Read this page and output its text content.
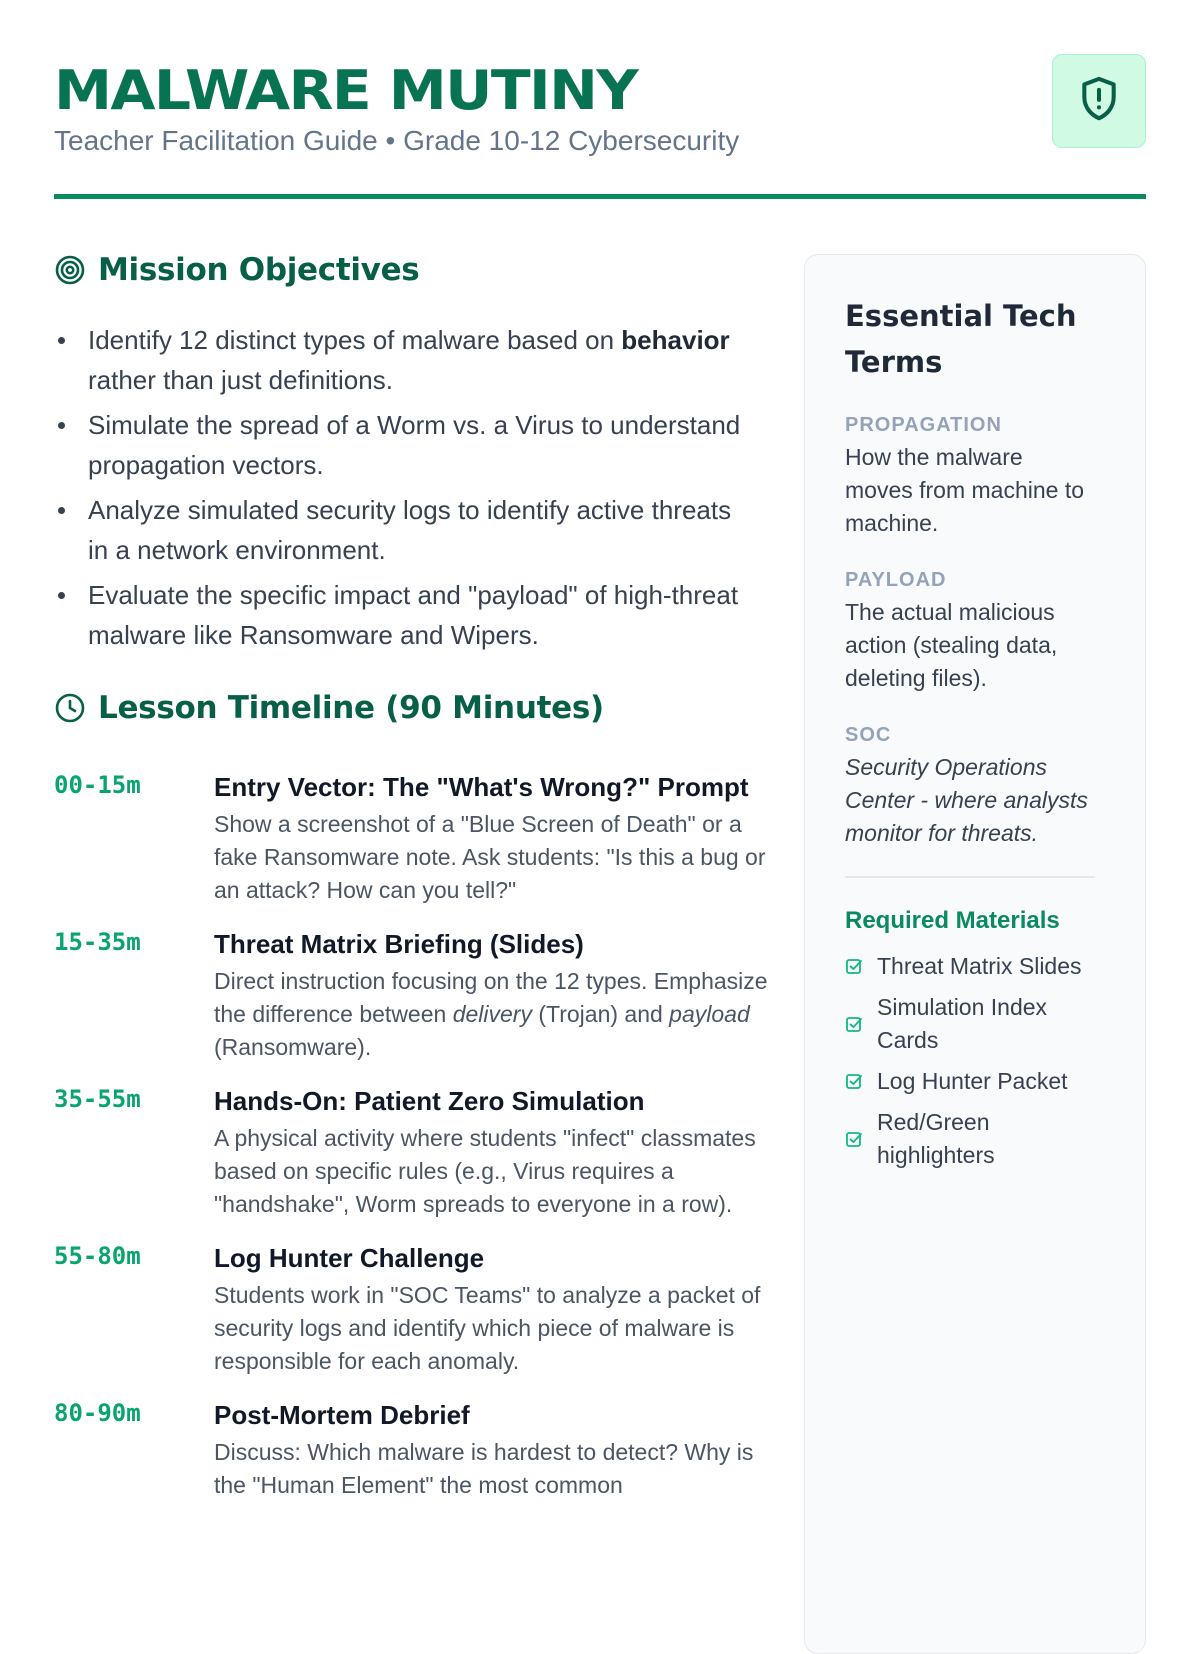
MALWARE MUTINY
Teacher Facilitation Guide • Grade 10-12 Cybersecurity
Mission Objectives
Identify 12 distinct types of malware based on behavior rather than just definitions.
Simulate the spread of a Worm vs. a Virus to understand propagation vectors.
Analyze simulated security logs to identify active threats in a network environment.
Evaluate the specific impact and "payload" of high-threat malware like Ransomware and Wipers.
Lesson Timeline (90 Minutes)
00-15m	Entry Vector: The "What's Wrong?" Prompt

Show a screenshot of a "Blue Screen of Death" or a fake Ransomware note. Ask students: "Is this a bug or an attack? How can you tell?"

15-35m	Threat Matrix Briefing (Slides)

Direct instruction focusing on the 12 types. Emphasize the difference between delivery (Trojan) and payload (Ransomware).

35-55m	Hands-On: Patient Zero Simulation

A physical activity where students "infect" classmates based on specific rules (e.g., Virus requires a "handshake", Worm spreads to everyone in a row).

55-80m	Log Hunter Challenge

Students work in "SOC Teams" to analyze a packet of security logs and identify which piece of malware is responsible for each anomaly.

80-90m	Post-Mortem Debrief

Discuss: Which malware is hardest to detect? Why is the "Human Element" the most common

Essential Tech Terms
PROPAGATION
How the malware moves from machine to machine.
PAYLOAD
The actual malicious action (stealing data, deleting files).
SOC
Security Operations Center - where analysts monitor for threats.
Required Materials
Threat Matrix Slides
Simulation Index Cards
Log Hunter Packet
Red/Green highlighters
